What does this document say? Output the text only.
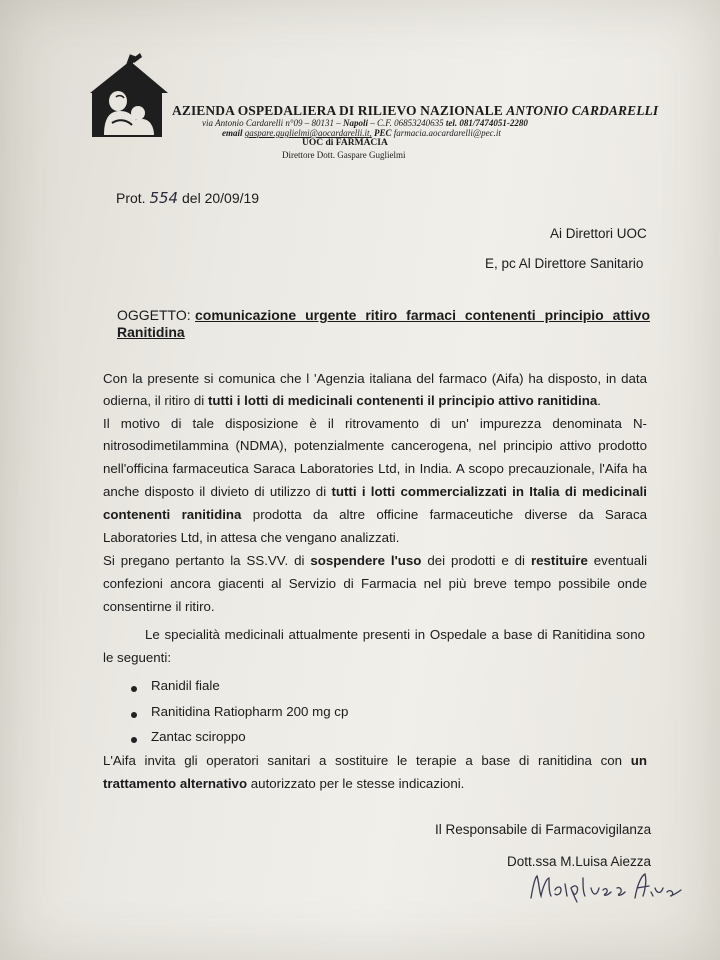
AZIENDA OSPEDALIERA DI RILIEVO NAZIONALE ANTONIO CARDARELLI
via Antonio Cardarelli n°09 – 80131 – Napoli – C.F. 06853240635 tel. 081/7474051-2280
email gaspare.guglielmi@aocardarelli.it, PEC farmacia.aocardarelli@pec.it
UOC di FARMACIA
Direttore Dott. Gaspare Guglielmi
Prot. 554 del 20/09/19
Ai Direttori UOC
E, pc Al Direttore Sanitario
OGGETTO: comunicazione urgente ritiro farmaci contenenti principio attivo
Ranitidina
Con la presente si comunica che l 'Agenzia italiana del farmaco (Aifa) ha disposto, in data
odierna, il ritiro di tutti i lotti di medicinali contenenti il principio attivo ranitidina.
Il motivo di tale disposizione è il ritrovamento di un' impurezza denominata N-
nitrosodimetilammina (NDMA), potenzialmente cancerogena, nel principio attivo prodotto
nell'officina farmaceutica Saraca Laboratories Ltd, in India. A scopo precauzionale, l'Aifa ha
anche disposto il divieto di utilizzo di tutti i lotti commercializzati in Italia di medicinali
contenenti ranitidina prodotta da altre officine farmaceutiche diverse da Saraca
Laboratories Ltd, in attesa che vengano analizzati.
Si pregano pertanto la SS.VV. di sospendere l'uso dei prodotti e di restituire eventuali
confezioni ancora giacenti al Servizio di Farmacia nel più breve tempo possibile onde
consentirne il ritiro.
Le specialità medicinali attualmente presenti in Ospedale a base di Ranitidina sono
le seguenti:
Ranidil fiale
Ranitidina Ratiopharm 200 mg cp
Zantac sciroppo
L'Aifa invita gli operatori sanitari a sostituire le terapie a base di ranitidina con un
trattamento alternativo autorizzato per le stesse indicazioni.
Il Responsabile di Farmacovigilanza
Dott.ssa M.Luisa Aiezza
